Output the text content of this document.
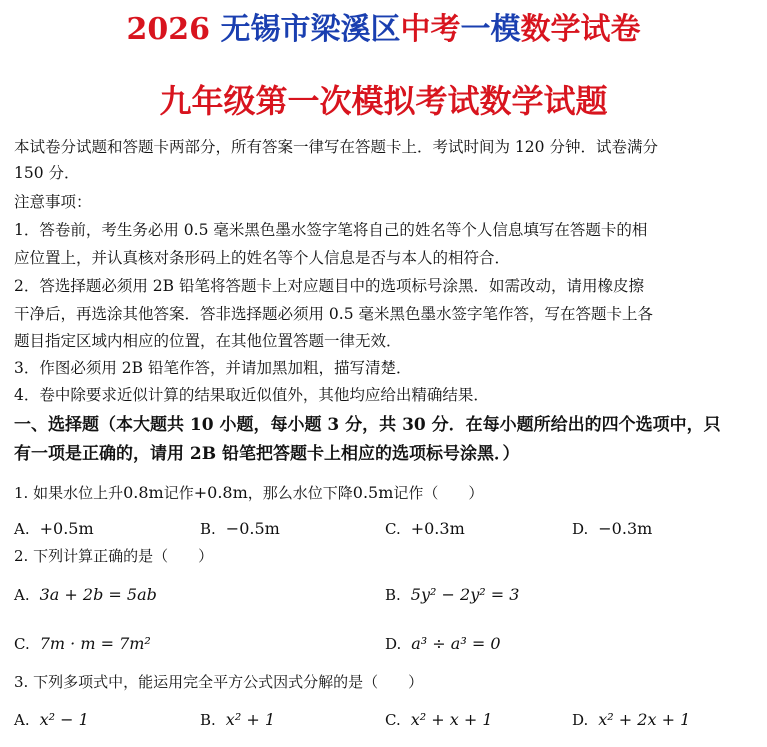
2026 无锡市梁溪区中考一模数学试卷
九年级第一次模拟考试数学试题
本试卷分试题和答题卡两部分，所有答案一律写在答题卡上．考试时间为 120 分钟．试卷满分
150 分．
注意事项：
1．答卷前，考生务必用 0.5 毫米黑色墨水签字笔将自己的姓名等个人信息填写在答题卡的相
应位置上，并认真核对条形码上的姓名等个人信息是否与本人的相符合．
2．答选择题必须用 2B 铅笔将答题卡上对应题目中的选项标号涂黑．如需改动，请用橡皮擦
干净后，再选涂其他答案．答非选择题必须用 0.5 毫米黑色墨水签字笔作答，写在答题卡上各
题目指定区域内相应的位置，在其他位置答题一律无效．
3．作图必须用 2B 铅笔作答，并请加黑加粗，描写清楚．
4．卷中除要求近似计算的结果取近似值外，其他均应给出精确结果．
一、选择题（本大题共 10 小题，每小题 3 分，共 30 分．在每小题所给出的四个选项中，只
有一项是正确的，请用 2B 铅笔把答题卡上相应的选项标号涂黑．）
1. 如果水位上升0.8m记作+0.8m，那么水位下降0.5m记作（　　）
A. +0.5m	B. −0.5m	C. +0.3m	D. −0.3m
2. 下列计算正确的是（　　）
A. 3a + 2b = 5ab	B. 5y² − 2y² = 3
C. 7m · m = 7m²	D. a³ ÷ a³ = 0
3. 下列多项式中，能运用完全平方公式因式分解的是（　　）
A. x² − 1	B. x² + 1	C. x² + x + 1	D. x² + 2x + 1
